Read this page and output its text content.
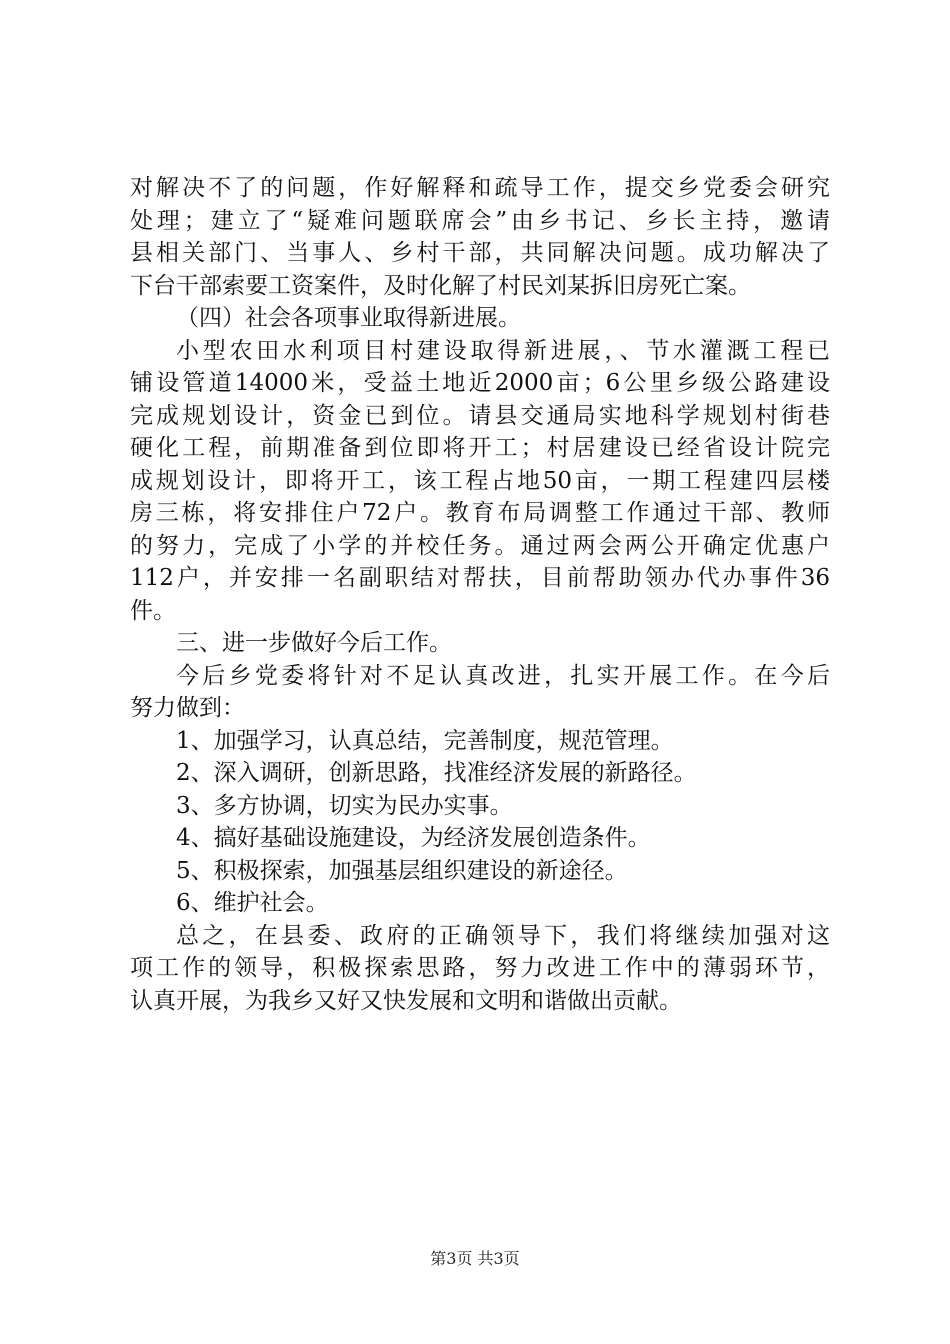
对解决不了的问题，作好解释和疏导工作，提交乡党委会研究
处理；建立了“疑难问题联席会”由乡书记、乡长主持，邀请
县相关部门、当事人、乡村干部，共同解决问题。成功解决了
下台干部索要工资案件，及时化解了村民刘某拆旧房死亡案。
（四）社会各项事业取得新进展。
小型农田水利项目村建设取得新进展，、节水灌溉工程已
铺设管道14000米，受益土地近2000亩；6公里乡级公路建设
完成规划设计，资金已到位。请县交通局实地科学规划村街巷
硬化工程，前期准备到位即将开工；村居建设已经省设计院完
成规划设计，即将开工，该工程占地50亩，一期工程建四层楼
房三栋，将安排住户72户。教育布局调整工作通过干部、教师
的努力，完成了小学的并校任务。通过两会两公开确定优惠户
112户，并安排一名副职结对帮扶，目前帮助领办代办事件36
件。
三、进一步做好今后工作。
今后乡党委将针对不足认真改进，扎实开展工作。在今后
努力做到：
1、加强学习，认真总结，完善制度，规范管理。
2、深入调研，创新思路，找准经济发展的新路径。
3、多方协调，切实为民办实事。
4、搞好基础设施建设，为经济发展创造条件。
5、积极探索，加强基层组织建设的新途径。
6、维护社会。
总之，在县委、政府的正确领导下，我们将继续加强对这
项工作的领导，积极探索思路，努力改进工作中的薄弱环节，
认真开展，为我乡又好又快发展和文明和谐做出贡献。
第3页 共3页
